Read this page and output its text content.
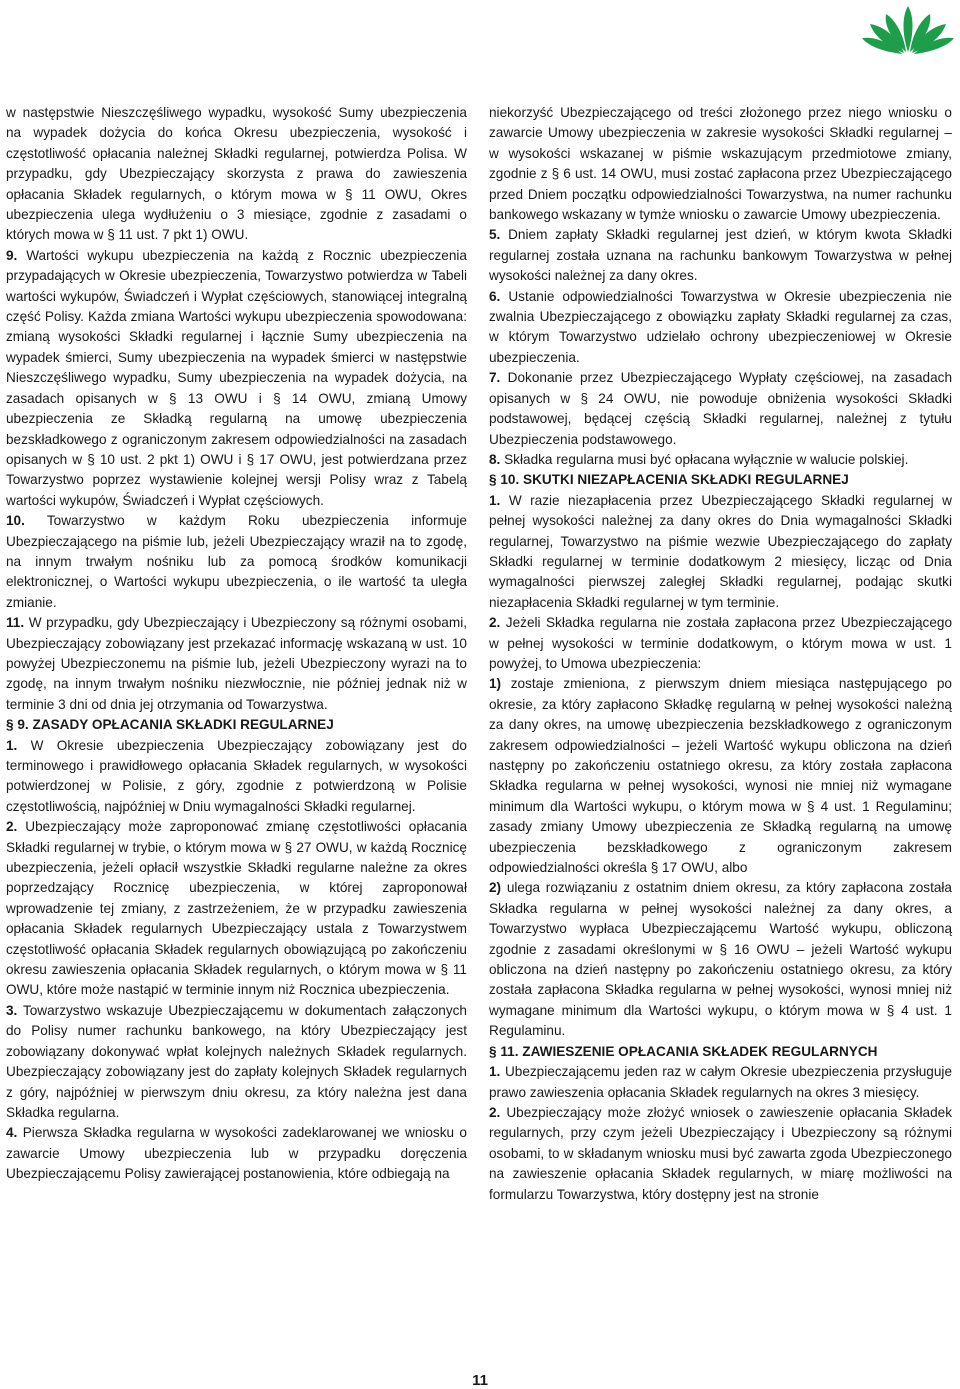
w następstwie Nieszczęśliwego wypadku, wysokość Sumy ubezpieczenia na wypadek dożycia do końca Okresu ubezpieczenia, wysokość i częstotliwość opłacania należnej Składki regularnej, potwierdza Polisa. W przypadku, gdy Ubezpieczający skorzysta z prawa do zawieszenia opłacania Składek regularnych, o którym mowa w § 11 OWU, Okres ubezpieczenia ulega wydłużeniu o 3 miesiące, zgodnie z zasadami o których mowa w § 11 ust. 7 pkt 1) OWU.

9. Wartości wykupu ubezpieczenia na każdą z Rocznic ubezpieczenia przypadających w Okresie ubezpieczenia, Towarzystwo potwierdza w Tabeli wartości wykupów, Świadczeń i Wypłat częściowych, stanowiącej integralną część Polisy. Każda zmiana Wartości wykupu ubezpieczenia spowodowana: zmianą wysokości Składki regularnej i łącznie Sumy ubezpieczenia na wypadek śmierci, Sumy ubezpieczenia na wypadek śmierci w następstwie Nieszczęśliwego wypadku, Sumy ubezpieczenia na wypadek dożycia, na zasadach opisanych w § 13 OWU i § 14 OWU, zmianą Umowy ubezpieczenia ze Składką regularną na umowę ubezpieczenia bezskładkowego z ograniczonym zakresem odpowiedzialności na zasadach opisanych w § 10 ust. 2 pkt 1) OWU i § 17 OWU, jest potwierdzana przez Towarzystwo poprzez wystawienie kolejnej wersji Polisy wraz z Tabelą wartości wykupów, Świadczeń i Wypłat częściowych.

10. Towarzystwo w każdym Roku ubezpieczenia informuje Ubezpieczającego na piśmie lub, jeżeli Ubezpieczający wraził na to zgodę, na innym trwałym nośniku lub za pomocą środków komunikacji elektronicznej, o Wartości wykupu ubezpieczenia, o ile wartość ta uległa zmianie.

11. W przypadku, gdy Ubezpieczający i Ubezpieczony są różnymi osobami, Ubezpieczający zobowiązany jest przekazać informację wskazaną w ust. 10 powyżej Ubezpieczonemu na piśmie lub, jeżeli Ubezpieczony wyrazi na to zgodę, na innym trwałym nośniku niezwłocznie, nie później jednak niż w terminie 3 dni od dnia jej otrzymania od Towarzystwa.

§ 9. ZASADY OPŁACANIA SKŁADKI REGULARNEJ

1. W Okresie ubezpieczenia Ubezpieczający zobowiązany jest do terminowego i prawidłowego opłacania Składek regularnych, w wysokości potwierdzonej w Polisie, z góry, zgodnie z potwierdzoną w Polisie częstotliwością, najpóźniej w Dniu wymagalności Składki regularnej.

2. Ubezpieczający może zaproponować zmianę częstotliwości opłacania Składki regularnej w trybie, o którym mowa w § 27 OWU, w każdą Rocznicę ubezpieczenia, jeżeli opłacił wszystkie Składki regularne należne za okres poprzedzający Rocznicę ubezpieczenia, w której zaproponował wprowadzenie tej zmiany, z zastrzeżeniem, że w przypadku zawieszenia opłacania Składek regularnych Ubezpieczający ustala z Towarzystwem częstotliwość opłacania Składek regularnych obowiązującą po zakończeniu okresu zawieszenia opłacania Składek regularnych, o którym mowa w § 11 OWU, które może nastąpić w terminie innym niż Rocznica ubezpieczenia.

3. Towarzystwo wskazuje Ubezpieczającemu w dokumentach załączonych do Polisy numer rachunku bankowego, na który Ubezpieczający jest zobowiązany dokonywać wpłat kolejnych należnych Składek regularnych. Ubezpieczający zobowiązany jest do zapłaty kolejnych Składek regularnych z góry, najpóźniej w pierwszym dniu okresu, za który należna jest dana Składka regularna.

4. Pierwsza Składka regularna w wysokości zadeklarowanej we wniosku o zawarcie Umowy ubezpieczenia lub w przypadku doręczenia Ubezpieczającemu Polisy zawierającej postanowienia, które odbiegają na

niekorzyść Ubezpieczającego od treści złożonego przez niego wniosku o zawarcie Umowy ubezpieczenia w zakresie wysokości Składki regularnej – w wysokości wskazanej w piśmie wskazującym przedmiotowe zmiany, zgodnie z § 6 ust. 14 OWU, musi zostać zapłacona przez Ubezpieczającego przed Dniem początku odpowiedzialności Towarzystwa, na numer rachunku bankowego wskazany w tymże wniosku o zawarcie Umowy ubezpieczenia.

5. Dniem zapłaty Składki regularnej jest dzień, w którym kwota Składki regularnej została uznana na rachunku bankowym Towarzystwa w pełnej wysokości należnej za dany okres.

6. Ustanie odpowiedzialności Towarzystwa w Okresie ubezpieczenia nie zwalnia Ubezpieczającego z obowiązku zapłaty Składki regularnej za czas, w którym Towarzystwo udzielało ochrony ubezpieczeniowej w Okresie ubezpieczenia.

7. Dokonanie przez Ubezpieczającego Wypłaty częściowej, na zasadach opisanych w § 24 OWU, nie powoduje obniżenia wysokości Składki podstawowej, będącej częścią Składki regularnej, należnej z tytułu Ubezpieczenia podstawowego.

8. Składka regularna musi być opłacana wyłącznie w walucie polskiej.

§ 10. SKUTKI NIEZAPŁACENIA SKŁADKI REGULARNEJ

1. W razie niezapłacenia przez Ubezpieczającego Składki regularnej w pełnej wysokości należnej za dany okres do Dnia wymagalności Składki regularnej, Towarzystwo na piśmie wezwie Ubezpieczającego do zapłaty Składki regularnej w terminie dodatkowym 2 miesięcy, licząc od Dnia wymagalności pierwszej zaległej Składki regularnej, podając skutki niezapłacenia Składki regularnej w tym terminie.

2. Jeżeli Składka regularna nie została zapłacona przez Ubezpieczającego w pełnej wysokości w terminie dodatkowym, o którym mowa w ust. 1 powyżej, to Umowa ubezpieczenia:

1) zostaje zmieniona, z pierwszym dniem miesiąca następującego po okresie, za który zapłacono Składkę regularną w pełnej wysokości należną za dany okres, na umowę ubezpieczenia bezskładkowego z ograniczonym zakresem odpowiedzialności – jeżeli Wartość wykupu obliczona na dzień następny po zakończeniu ostatniego okresu, za który została zapłacona Składka regularna w pełnej wysokości, wynosi nie mniej niż wymagane minimum dla Wartości wykupu, o którym mowa w § 4 ust. 1 Regulaminu; zasady zmiany Umowy ubezpieczenia ze Składką regularną na umowę ubezpieczenia bezskładkowego z ograniczonym zakresem odpowiedzialności określa § 17 OWU, albo

2) ulega rozwiązaniu z ostatnim dniem okresu, za który zapłacona została Składka regularna w pełnej wysokości należnej za dany okres, a Towarzystwo wypłaca Ubezpieczającemu Wartość wykupu, obliczoną zgodnie z zasadami określonymi w § 16 OWU – jeżeli Wartość wykupu obliczona na dzień następny po zakończeniu ostatniego okresu, za który została zapłacona Składka regularna w pełnej wysokości, wynosi mniej niż wymagane minimum dla Wartości wykupu, o którym mowa w § 4 ust. 1 Regulaminu.

§ 11. ZAWIESZENIE OPŁACANIA SKŁADEK REGULARNYCH

1. Ubezpieczającemu jeden raz w całym Okresie ubezpieczenia przysługuje prawo zawieszenia opłacania Składek regularnych na okres 3 miesięcy.

2. Ubezpieczający może złożyć wniosek o zawieszenie opłacania Składek regularnych, przy czym jeżeli Ubezpieczający i Ubezpieczony są różnymi osobami, to w składanym wniosku musi być zawarta zgoda Ubezpieczonego na zawieszenie opłacania Składek regularnych, w miarę możliwości na formularzu Towarzystwa, który dostępny jest na stronie

11
